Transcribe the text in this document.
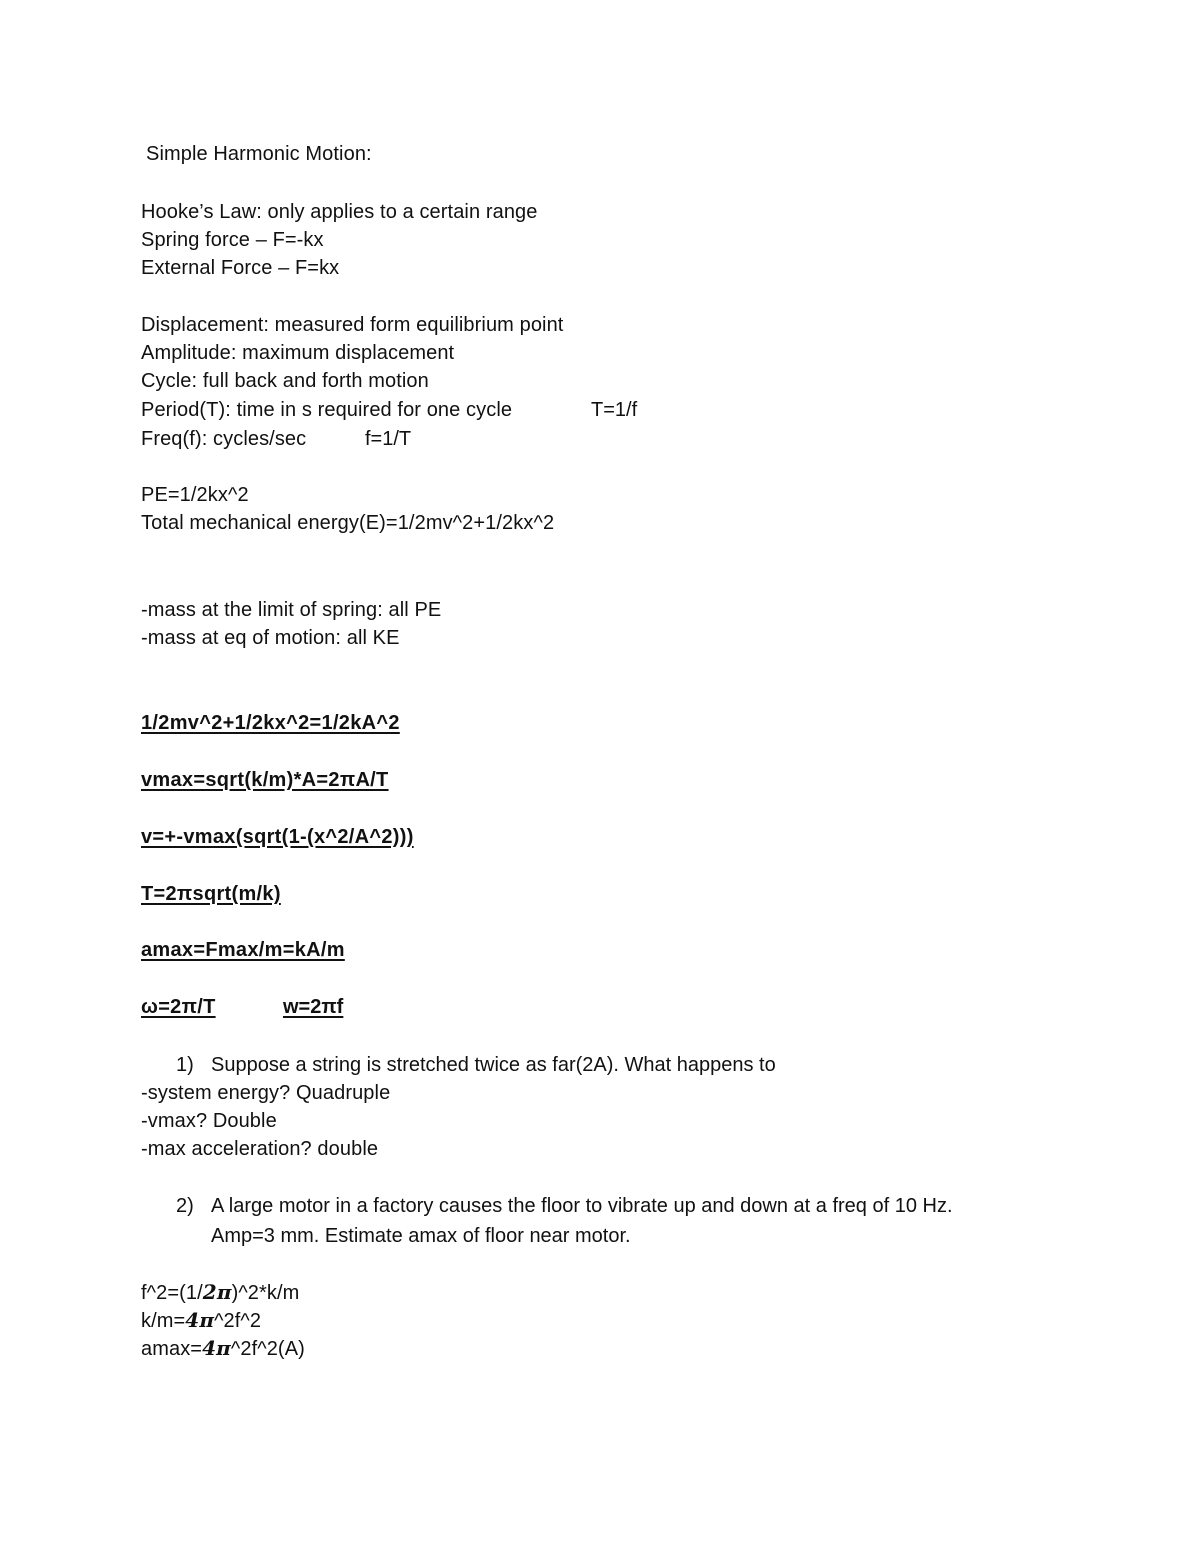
Simple Harmonic Motion:
Hooke’s Law: only applies to a certain range
Spring force – F=-kx
External Force – F=kx
Displacement: measured form equilibrium point
Amplitude: maximum displacement
Cycle: full back and forth motion
Period(T): time in s required for one cycle	T=1/f
Freq(f): cycles/sec	f=1/T
PE=1/2kx^2
Total mechanical energy(E)=1/2mv^2+1/2kx^2
-mass at the limit of spring: all PE
-mass at eq of motion: all KE
1/2mv^2+1/2kx^2=1/2kA^2
vmax=sqrt(k/m)*A=2πA/T
v=+-vmax(sqrt(1-(x^2/A^2)))
T=2πsqrt(m/k)
amax=Fmax/m=kA/m
ω=2π/T	w=2πf
1) Suppose a string is stretched twice as far(2A). What happens to
-system energy? Quadruple
-vmax? Double
-max acceleration? double
2) A large motor in a factory causes the floor to vibrate up and down at a freq of 10 Hz.
Amp=3 mm. Estimate amax of floor near motor.
f^2=(1/2π)^2*k/m
k/m=4π^2f^2
amax=4π^2f^2(A)
